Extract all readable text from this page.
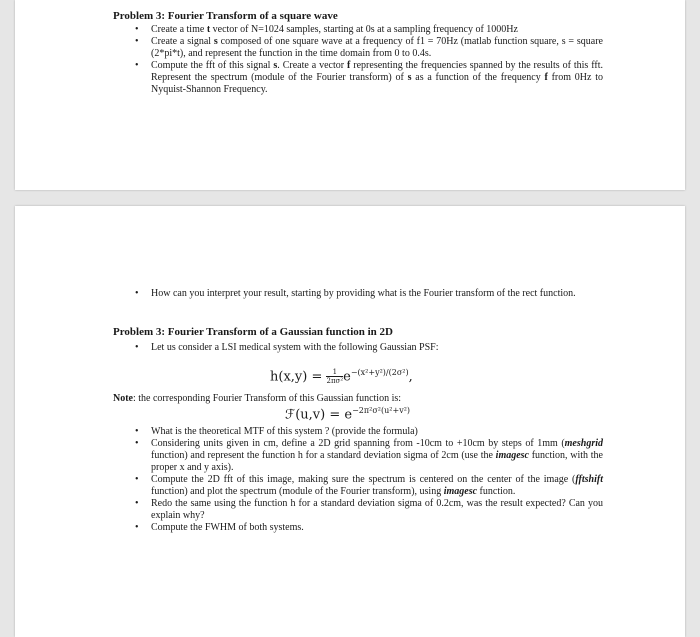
Problem 3: Fourier Transform of a square wave

• Create a time t vector of N=1024 samples, starting at 0s at a sampling frequency of 1000Hz
• Create a signal s composed of one square wave at a frequency of f1 = 70Hz (matlab function square, s = square (2*pi*t), and represent the function in the time domain from 0 to 0.4s.
• Compute the fft of this signal s. Create a vector f representing the frequencies spanned by the results of this fft. Represent the spectrum (module of the Fourier transform) of s as a function of the frequency f from 0Hz to Nyquist-Shannon Frequency.
• How can you interpret your result, starting by providing what is the Fourier transform of the rect function.

Problem 3: Fourier Transform of a Gaussian function in 2D

• Let us consider a LSI medical system with the following Gaussian PSF:
$h(x,y) = \frac{1}{\text{2πσ²}} e^{-(x^2+y^2)/(2\sigma^2)}$,

Note: the corresponding Fourier Transform of this Gaussian function is:

ℱ(u,v) = $e^{-2\pi^2\sigma^2(u^2+v^2)}$
• What is the theoretical MTF of this system ? (provide the formula)
• Considering units given in cm, define a 2D grid spanning from -10cm to +10cm by steps of 1mm (meshgrid function) and represent the function h for a standard deviation sigma of 2cm (use the imagesc function, with the proper x and y axis).
• Compute the 2D fft of this image, making sure the spectrum is centered on the center of the image (fftshift function) and plot the spectrum (module of the Fourier transform), using imagesc function.
• Redo the same using the function h for a standard deviation sigma of 0.2cm, was the result expected? Can you explain why?
• Compute the FWHM of both systems.
